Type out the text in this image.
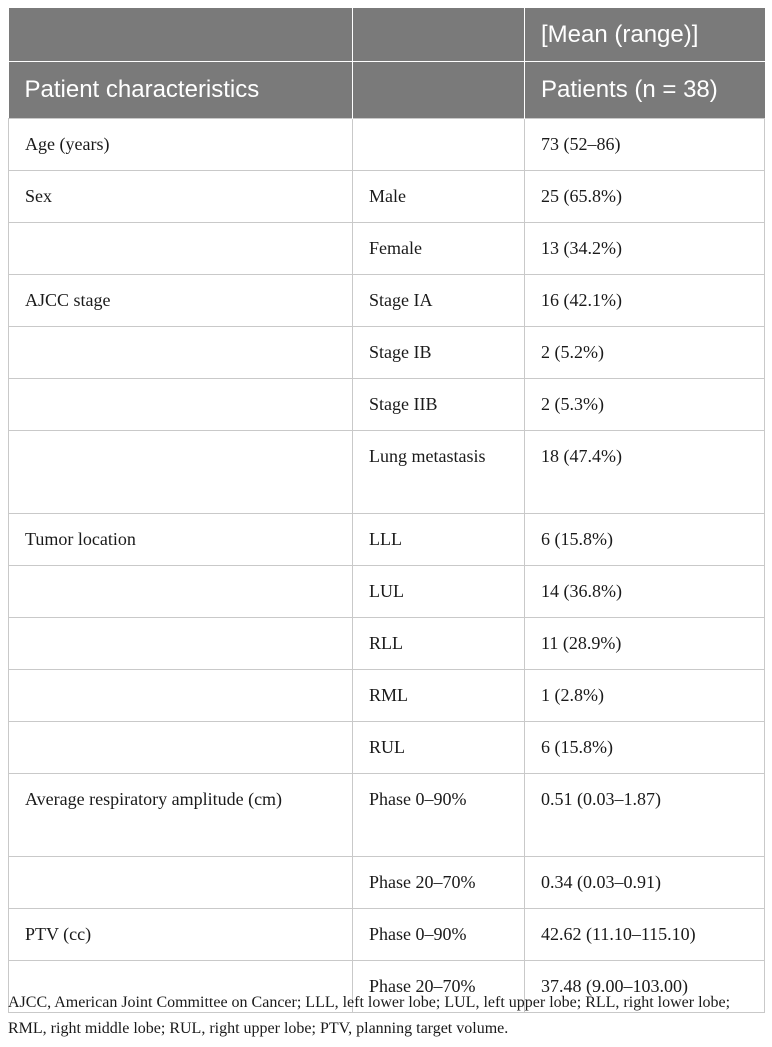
		[Mean (range)]
Patient characteristics		Patients (n = 38)
Age (years)		73 (52–86)
Sex	Male	25 (65.8%)
	Female	13 (34.2%)
AJCC stage	Stage IA	16 (42.1%)
	Stage IB	2 (5.2%)
	Stage IIB	2 (5.3%)
	Lung metastasis	18 (47.4%)
Tumor location	LLL	6 (15.8%)
	LUL	14 (36.8%)
	RLL	11 (28.9%)
	RML	1 (2.8%)
	RUL	6 (15.8%)
Average respiratory amplitude (cm)	Phase 0–90%	0.51 (0.03–1.87)
	Phase 20–70%	0.34 (0.03–0.91)
PTV (cc)	Phase 0–90%	42.62 (11.10–115.10)
	Phase 20–70%	37.48 (9.00–103.00)
AJCC, American Joint Committee on Cancer; LLL, left lower lobe; LUL, left upper lobe; RLL, right lower lobe; RML, right middle lobe; RUL, right upper lobe; PTV, planning target volume.
